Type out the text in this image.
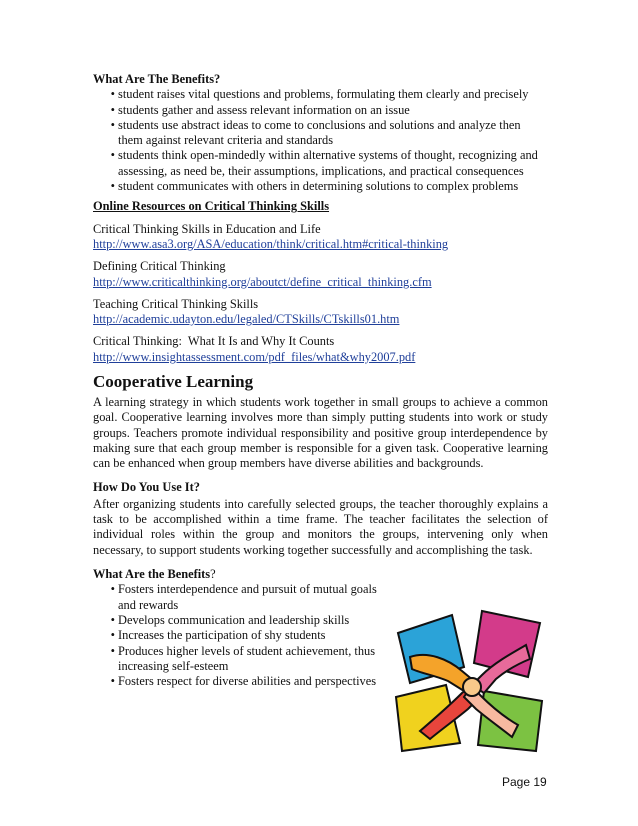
What Are The Benefits?
• student raises vital questions and problems, formulating them clearly and precisely
• students gather and assess relevant information on an issue
• students use abstract ideas to come to conclusions and solutions and analyze then them against relevant criteria and standards
• students think open-mindedly within alternative systems of thought, recognizing and assessing, as need be, their assumptions, implications, and practical consequences
• student communicates with others in determining solutions to complex problems
Online Resources on Critical Thinking Skills
Critical Thinking Skills in Education and Life
http://www.asa3.org/ASA/education/think/critical.htm#critical-thinking
Defining Critical Thinking
http://www.criticalthinking.org/aboutct/define_critical_thinking.cfm
Teaching Critical Thinking Skills
http://academic.udayton.edu/legaled/CTSkills/CTskills01.htm
Critical Thinking:  What It Is and Why It Counts
http://www.insightassessment.com/pdf_files/what&why2007.pdf
Cooperative Learning
A learning strategy in which students work together in small groups to achieve a common goal. Cooperative learning involves more than simply putting students into work or study groups. Teachers promote individual responsibility and positive group interdependence by making sure that each group member is responsible for a given task. Cooperative learning can be enhanced when group members have diverse abilities and backgrounds.
How Do You Use It?
After organizing students into carefully selected groups, the teacher thoroughly explains a task to be accomplished within a time frame. The teacher facilitates the selection of individual roles within the group and monitors the groups, intervening only when necessary, to support students working together successfully and accomplishing the task.
What Are the Benefits?
• Fosters interdependence and pursuit of mutual goals and rewards
• Develops communication and leadership skills
• Increases the participation of shy students
• Produces higher levels of student achievement, thus increasing self-esteem
• Fosters respect for diverse abilities and perspectives
Page 19
